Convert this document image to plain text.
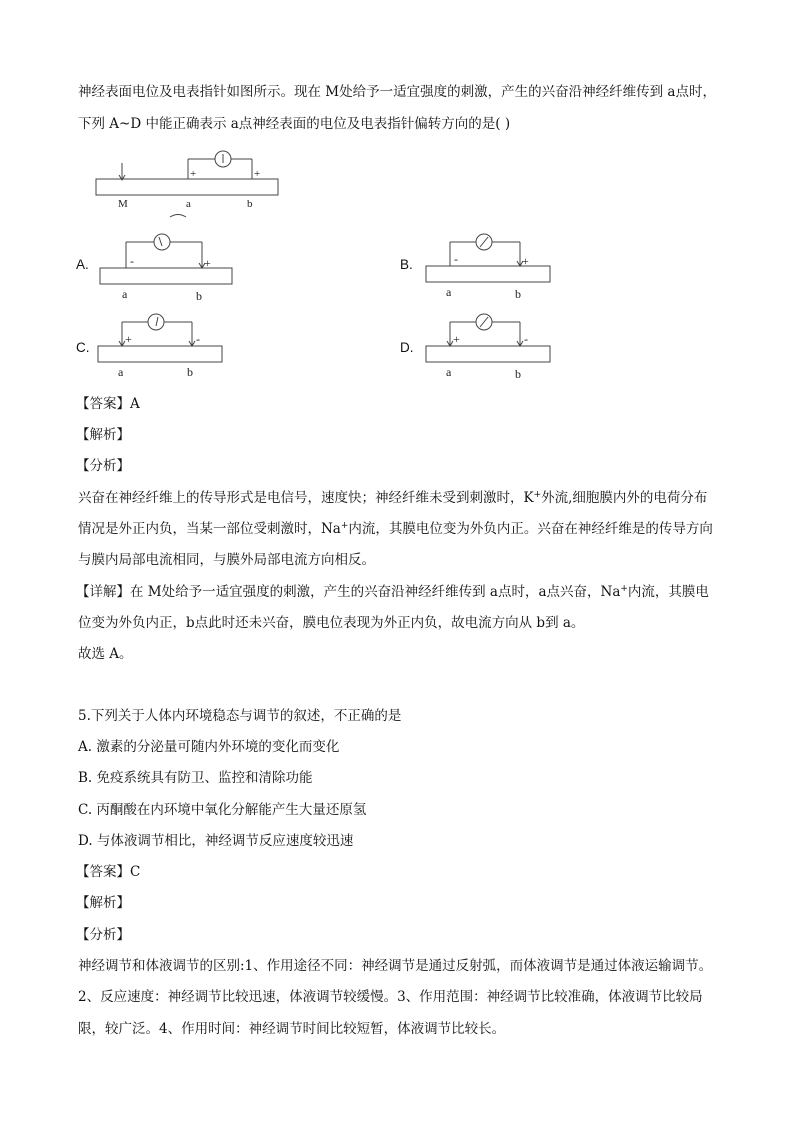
神经表面电位及电表指针如图所示。现在 M处给予一适宜强度的刺激，产生的兴奋沿神经纤维传到 a点时，
下列 A~D 中能正确表示 a点神经表面的电位及电表指针偏转方向的是( )
+	+
M	a	b
A.	-	+
a	b
B.	-	+
a	b
C.
+	-
a	b
D.
+	-
a	b
【答案】A
【解析】
【分析】
兴奋在神经纤维上的传导形式是电信号，速度快；神经纤维未受到刺激时，K+外流,细胞膜内外的电荷分布
情况是外正内负，当某一部位受刺激时，Na+内流，其膜电位变为外负内正。兴奋在神经纤维是的传导方向
与膜内局部电流相同，与膜外局部电流方向相反。
【详解】在 M处给予一适宜强度的刺激，产生的兴奋沿神经纤维传到 a点时，a点兴奋，Na+内流，其膜电
位变为外负内正，b点此时还未兴奋，膜电位表现为外正内负，故电流方向从 b到 a。
故选 A。
5.下列关于人体内环境稳态与调节的叙述，不正确的是
A. 激素的分泌量可随内外环境的变化而变化
B. 免疫系统具有防卫、监控和清除功能
C. 丙酮酸在内环境中氧化分解能产生大量还原氢
D. 与体液调节相比，神经调节反应速度较迅速
【答案】C
【解析】
【分析】
神经调节和体液调节的区别:1、作用途径不同：神经调节是通过反射弧，而体液调节是通过体液运输调节。
2、反应速度：神经调节比较迅速，体液调节较缓慢。3、作用范围：神经调节比较准确，体液调节比较局
限，较广泛。4、作用时间：神经调节时间比较短暂，体液调节比较长。
